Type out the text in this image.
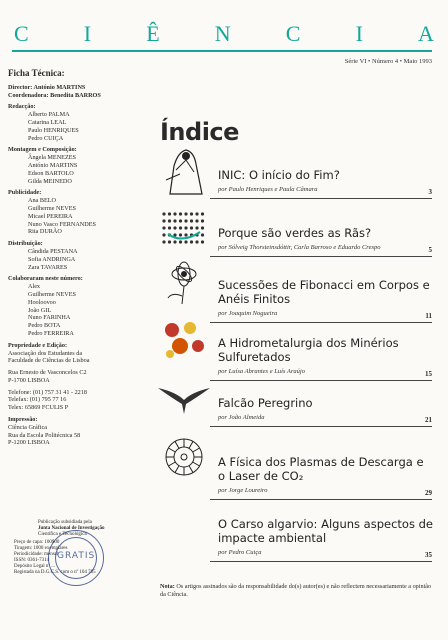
C	I	Ê	N	C	I	A
Série VI • Número 4 • Maio 1993
Ficha Técnica:
Director: António MARTINS
Coordenadora: Benedita BARROS
Redacção:
Alberto PALMA
Catarina LEAL
Paulo HENRIQUES
Pedro CUIÇA
Montagem e Composição:
Ângela MENEZES
António MARTINS
Edson BARTOLO
Gilda MEINEDO
Publicidade:
Ana BELO
Guilherme NEVES
Micael PEREIRA
Nuno Vasco FERNANDES
Rita DURÃO
Distribuição:
Cândida PESTANA
Sofia ANDRINGA
Zara TAVARES
Colaboraram neste número:
Alex
Guilherme NEVES
Hooloovoo
João GIL
Nuno FARINHA
Pedro BOTA
Pedro FERREIRA
Propriedade e Edição:
Associação dos Estudantes da
Faculdade de Ciências de Lisboa
Rua Ernesto de Vasconcelos C2
P-1700 LISBOA
Telefone: (01) 757 31 41 - 2218
Telefax: (01) 795 77 16
Telex: 65869 FCULIS P
Impressão:
Ciência Gráfica
Rua da Escola Politécnica 58
P-1200 LISBOA
Publicação subsidiada pela
Junta Nacional de Investigação
Científica e Tecnológica
Preço de capa: 100$00
Tiragem: 1000 exemplares
Periodicidade: mensal
ISSN: 0361-7314
Depósito Legal nº ...
Registada na D.G.C.S. com o nº 104 785
GRATIS
Índice
INIC: O início do Fim?
por Paulo Henriques e Paula Câmara	3
Porque são verdes as Rãs?
por Sólveig Thorsteinsdóttir, Carla Barroso e Eduardo Crespo	5
Sucessões de Fibonacci em Corpos e Anéis Finitos
por Joaquim Nogueira	11
A Hidrometalurgia dos Minérios Sulfuretados
por Luísa Abrantes e Luís Araújo	15
Falcão Peregrino
por João Almeida	21
A Física dos Plasmas de Descarga e o Laser de CO₂
por Jorge Loureiro	29
O Carso algarvio: Alguns aspectos de impacte ambiental
por Pedro Cuiça	35
Nota: Os artigos assinados são da responsabilidade do(s) autor(es) e não reflectem necessariamente a opinião da Ciência.
